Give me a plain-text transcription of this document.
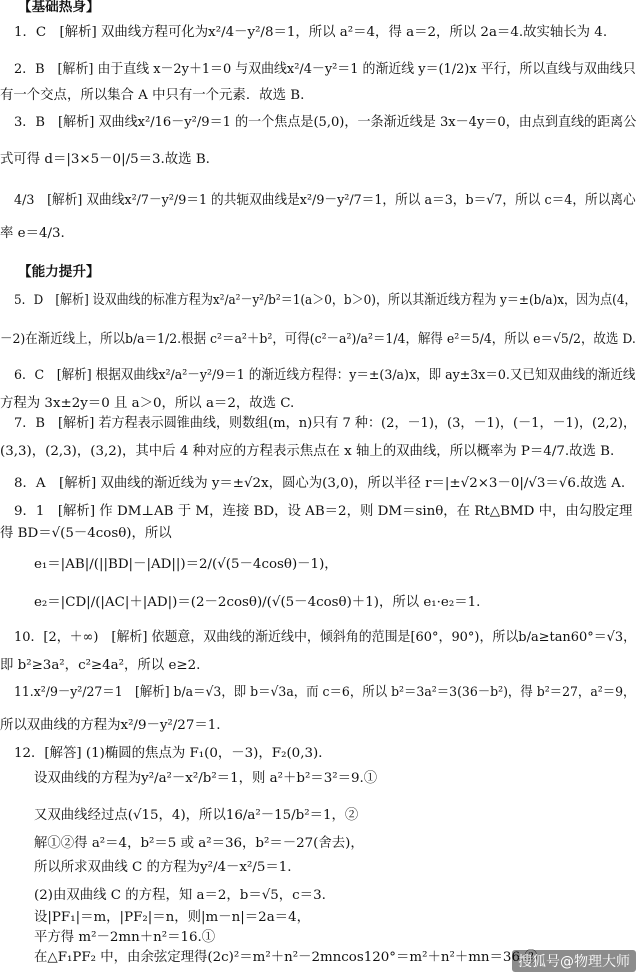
【基础热身】
1．C　[解析] 双曲线方程可化为x²/4－y²/8＝1，所以 a²＝4，得 a＝2，所以 2a＝4.故实轴长为 4.
2．B　[解析] 由于直线 x－2y＋1＝0 与双曲线x²/4－y²＝1 的渐近线 y＝(1/2)x 平行，所以直线与双曲线只
有一个交点，所以集合 A 中只有一个元素．故选 B.
3．B　[解析] 双曲线x²/16－y²/9＝1 的一个焦点是(5,0)，一条渐近线是 3x－4y＝0，由点到直线的距离公
式可得 d＝|3×5－0|/5＝3.故选 B.
4/3　[解析] 双曲线x²/7－y²/9＝1 的共轭双曲线是x²/9－y²/7＝1，所以 a＝3，b＝√7，所以 c＝4，所以离心
率 e＝4/3.
【能力提升】
5．D　[解析] 设双曲线的标准方程为x²/a²－y²/b²＝1(a＞0，b＞0)，所以其渐近线方程为 y＝±(b/a)x，因为点(4，
－2)在渐近线上，所以b/a＝1/2.根据 c²＝a²＋b²，可得(c²－a²)/a²＝1/4，解得 e²＝5/4，所以 e＝√5/2，故选 D.
6．C　[解析] 根据双曲线x²/a²－y²/9＝1 的渐近线方程得：y＝±(3/a)x，即 ay±3x＝0.又已知双曲线的渐近线
方程为 3x±2y＝0 且 a＞0，所以 a＝2，故选 C.
7．B　[解析] 若方程表示圆锥曲线，则数组(m，n)只有 7 种：(2，－1)，(3，－1)，(－1，－1)，(2,2)，
(3,3)，(2,3)，(3,2)，其中后 4 种对应的方程表示焦点在 x 轴上的双曲线，所以概率为 P＝4/7.故选 B.
8．A　[解析] 双曲线的渐近线为 y＝±√2x，圆心为(3,0)，所以半径 r＝|±√2×3－0|/√3＝√6.故选 A.
9．1　[解析] 作 DM⊥AB 于 M，连接 BD，设 AB＝2，则 DM＝sinθ，在 Rt△BMD 中，由勾股定理
得 BD＝√(5－4cosθ)，所以
e₁＝|AB|/(||BD|－|AD||)＝2/(√(5－4cosθ)－1)，
e₂＝|CD|/(|AC|＋|AD|)＝(2－2cosθ)/(√(5－4cosθ)＋1)，所以 e₁·e₂＝1.
10．[2，＋∞)　[解析] 依题意，双曲线的渐近线中，倾斜角的范围是[60°，90°)，所以b/a≥tan60°＝√3，
即 b²≥3a²，c²≥4a²，所以 e≥2.
11.x²/9－y²/27＝1　[解析] b/a＝√3，即 b＝√3a，而 c＝6，所以 b²＝3a²＝3(36－b²)，得 b²＝27，a²＝9，
所以双曲线的方程为x²/9－y²/27＝1.
12．[解答] (1)椭圆的焦点为 F₁(0，－3)，F₂(0,3)．
设双曲线的方程为y²/a²－x²/b²＝1，则 a²＋b²＝3²＝9.①
又双曲线经过点(√15，4)，所以16/a²－15/b²＝1，②
解①②得 a²＝4，b²＝5 或 a²＝36，b²＝－27(舍去)，
所以所求双曲线 C 的方程为y²/4－x²/5＝1.
(2)由双曲线 C 的方程，知 a＝2，b＝√5，c＝3.
设|PF₁|＝m，|PF₂|＝n，则|m－n|＝2a＝4，
平方得 m²－2mn＋n²＝16.①
在△F₁PF₂ 中，由余弦定理得(2c)²＝m²＋n²－2mncos120°＝m²＋n²＋mn＝36.②
搜狐号@物理大师
